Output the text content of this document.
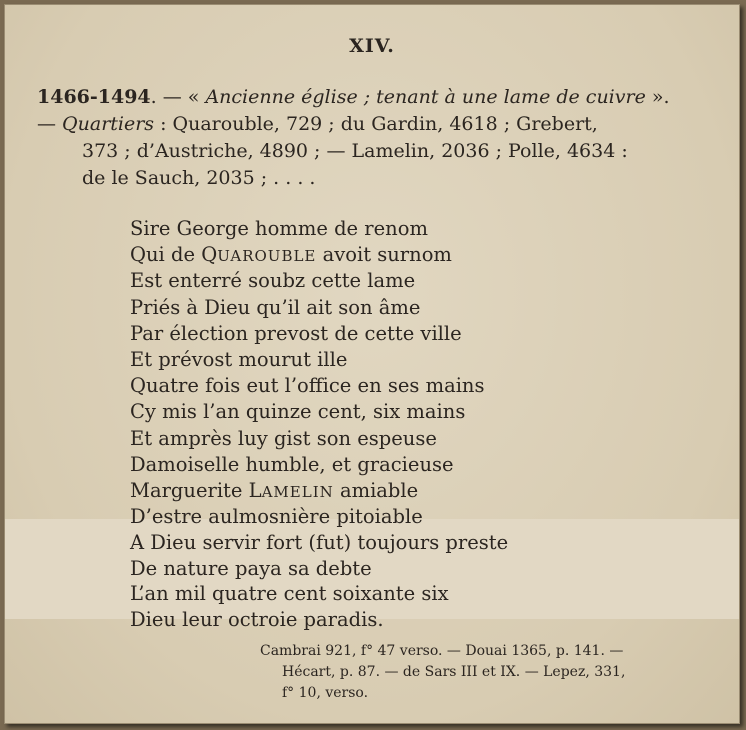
XIV.
1466-1494. — « Ancienne église ; tenant à une lame de cuivre ».
— Quartiers : Quarouble, 729 ; du Gardin, 4618 ; Grebert,
373 ; d’Austriche, 4890 ; — Lamelin, 2036 ; Polle, 4634 :
de le Sauch, 2035 ; . . . .
Sire George homme de renom
Qui de QUAROUBLE avoit surnom
Est enterré soubz cette lame
Priés à Dieu qu’il ait son âme
Par élection prevost de cette ville
Et prévost mourut ille
Quatre fois eut l’office en ses mains
Cy mis l’an quinze cent, six mains
Et amprès luy gist son espeuse
Damoiselle humble, et gracieuse
Marguerite LAMELIN amiable
D’estre aulmosnière pitoiable
A Dieu servir fort (fut) toujours preste
De nature paya sa debte
L’an mil quatre cent soixante six
Dieu leur octroie paradis.
Cambrai 921, f° 47 verso. — Douai 1365, p. 141. —
Hécart, p. 87. — de Sars III et IX. — Lepez, 331,
f° 10, verso.
